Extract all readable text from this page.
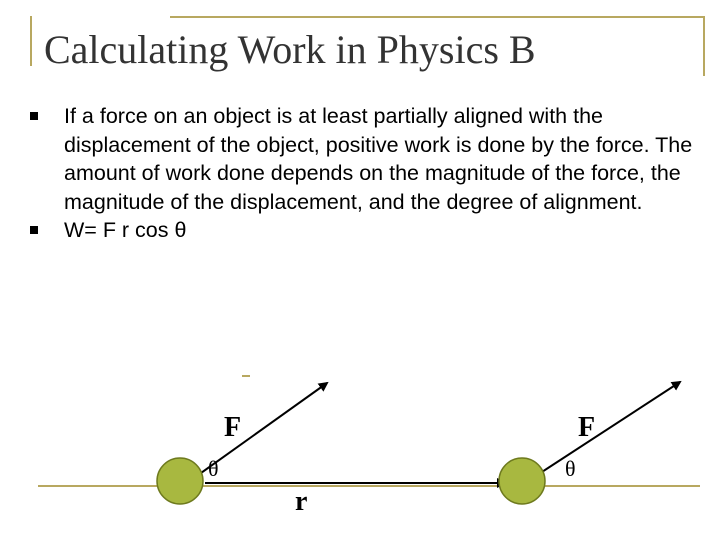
Calculating Work in Physics B
If a force on an object is at least partially aligned with the displacement of the object, positive work is done by the force. The amount of work done depends on the magnitude of the force, the magnitude of the displacement, and the degree of alignment.
W= F r cos θ
F	F
θ	θ
r
